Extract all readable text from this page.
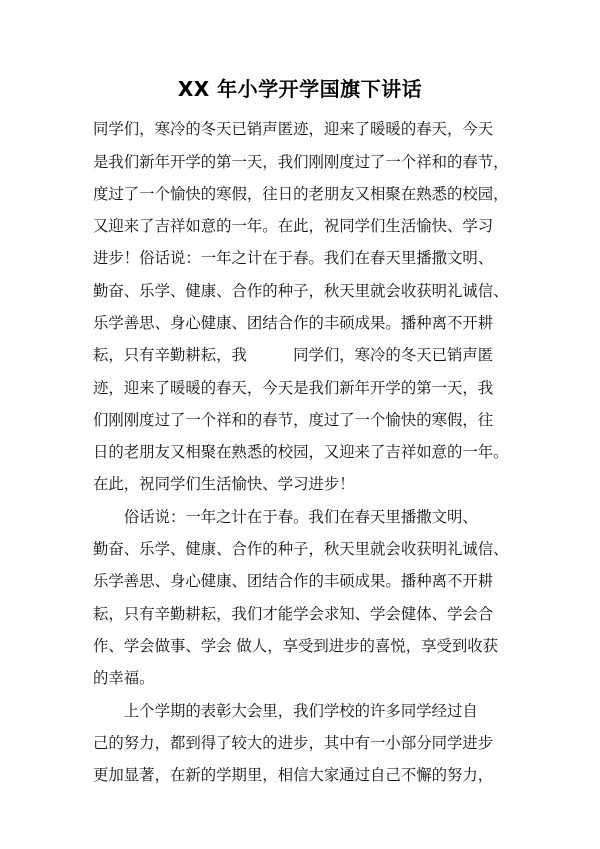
XX 年小学开学国旗下讲话
同学们，寒冷的冬天已销声匿迹，迎来了暖暖的春天，今天
是我们新年开学的第一天，我们刚刚度过了一个祥和的春节，
度过了一个愉快的寒假，往日的老朋友又相聚在熟悉的校园，
又迎来了吉祥如意的一年。在此，祝同学们生活愉快、学习
进步！俗话说：一年之计在于春。我们在春天里播撒文明、
勤奋、乐学、健康、合作的种子，秋天里就会收获明礼诚信、
乐学善思、身心健康、团结合作的丰硕成果。播种离不开耕
耘，只有辛勤耕耘，我　　　同学们，寒冷的冬天已销声匿
迹，迎来了暖暖的春天，今天是我们新年开学的第一天，我
们刚刚度过了一个祥和的春节，度过了一个愉快的寒假，往
日的老朋友又相聚在熟悉的校园，又迎来了吉祥如意的一年。
在此，祝同学们生活愉快、学习进步！
　　俗话说：一年之计在于春。我们在春天里播撒文明、
勤奋、乐学、健康、合作的种子，秋天里就会收获明礼诚信、
乐学善思、身心健康、团结合作的丰硕成果。播种离不开耕
耘，只有辛勤耕耘，我们才能学会求知、学会健体、学会合
作、学会做事、学会 做人，享受到进步的喜悦，享受到收获
的幸福。
　　上个学期的表彰大会里，我们学校的许多同学经过自
己的努力，都到得了较大的进步，其中有一小部分同学进步
更加显著，在新的学期里，相信大家通过自己不懈的努力，
